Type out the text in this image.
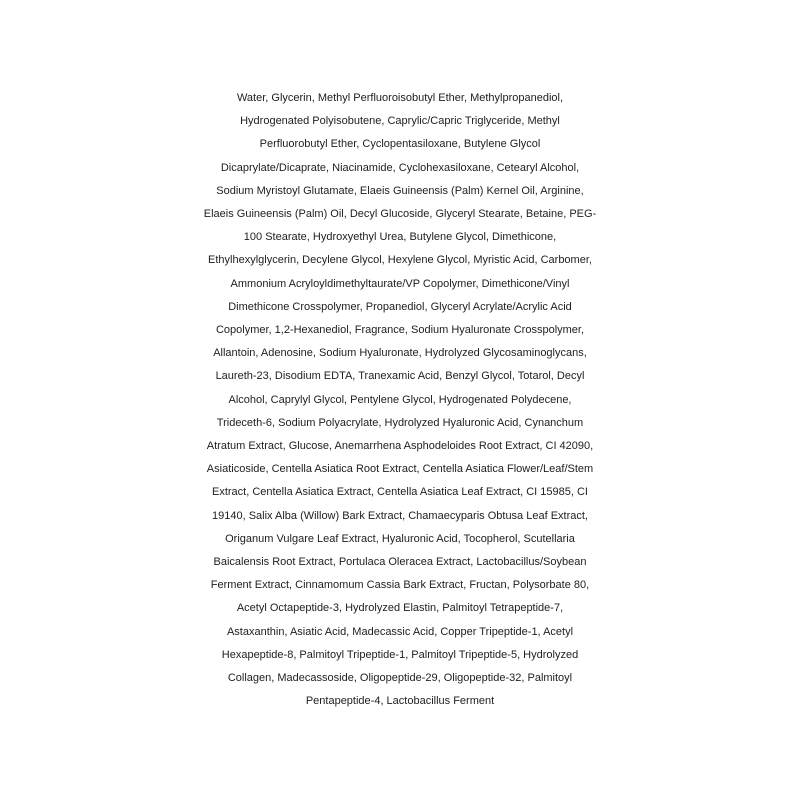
Water, Glycerin, Methyl Perfluoroisobutyl Ether, Methylpropanediol,
Hydrogenated Polyisobutene, Caprylic/Capric Triglyceride, Methyl
Perfluorobutyl Ether, Cyclopentasiloxane, Butylene Glycol
Dicaprylate/Dicaprate, Niacinamide, Cyclohexasiloxane, Cetearyl Alcohol,
Sodium Myristoyl Glutamate, Elaeis Guineensis (Palm) Kernel Oil, Arginine,
Elaeis Guineensis (Palm) Oil, Decyl Glucoside, Glyceryl Stearate, Betaine, PEG-
100 Stearate, Hydroxyethyl Urea, Butylene Glycol, Dimethicone,
Ethylhexylglycerin, Decylene Glycol, Hexylene Glycol, Myristic Acid, Carbomer,
Ammonium Acryloyldimethyltaurate/VP Copolymer, Dimethicone/Vinyl
Dimethicone Crosspolymer, Propanediol, Glyceryl Acrylate/Acrylic Acid
Copolymer, 1,2-Hexanediol, Fragrance, Sodium Hyaluronate Crosspolymer,
Allantoin, Adenosine, Sodium Hyaluronate, Hydrolyzed Glycosaminoglycans,
Laureth-23, Disodium EDTA, Tranexamic Acid, Benzyl Glycol, Totarol, Decyl
Alcohol, Caprylyl Glycol, Pentylene Glycol, Hydrogenated Polydecene,
Trideceth-6, Sodium Polyacrylate, Hydrolyzed Hyaluronic Acid, Cynanchum
Atratum Extract, Glucose, Anemarrhena Asphodeloides Root Extract, CI 42090,
Asiaticoside, Centella Asiatica Root Extract, Centella Asiatica Flower/Leaf/Stem
Extract, Centella Asiatica Extract, Centella Asiatica Leaf Extract, CI 15985, CI
19140, Salix Alba (Willow) Bark Extract, Chamaecyparis Obtusa Leaf Extract,
Origanum Vulgare Leaf Extract, Hyaluronic Acid, Tocopherol, Scutellaria
Baicalensis Root Extract, Portulaca Oleracea Extract, Lactobacillus/Soybean
Ferment Extract, Cinnamomum Cassia Bark Extract, Fructan, Polysorbate 80,
Acetyl Octapeptide-3, Hydrolyzed Elastin, Palmitoyl Tetrapeptide-7,
Astaxanthin, Asiatic Acid, Madecassic Acid, Copper Tripeptide-1, Acetyl
Hexapeptide-8, Palmitoyl Tripeptide-1, Palmitoyl Tripeptide-5, Hydrolyzed
Collagen, Madecassoside, Oligopeptide-29, Oligopeptide-32, Palmitoyl
Pentapeptide-4, Lactobacillus Ferment
